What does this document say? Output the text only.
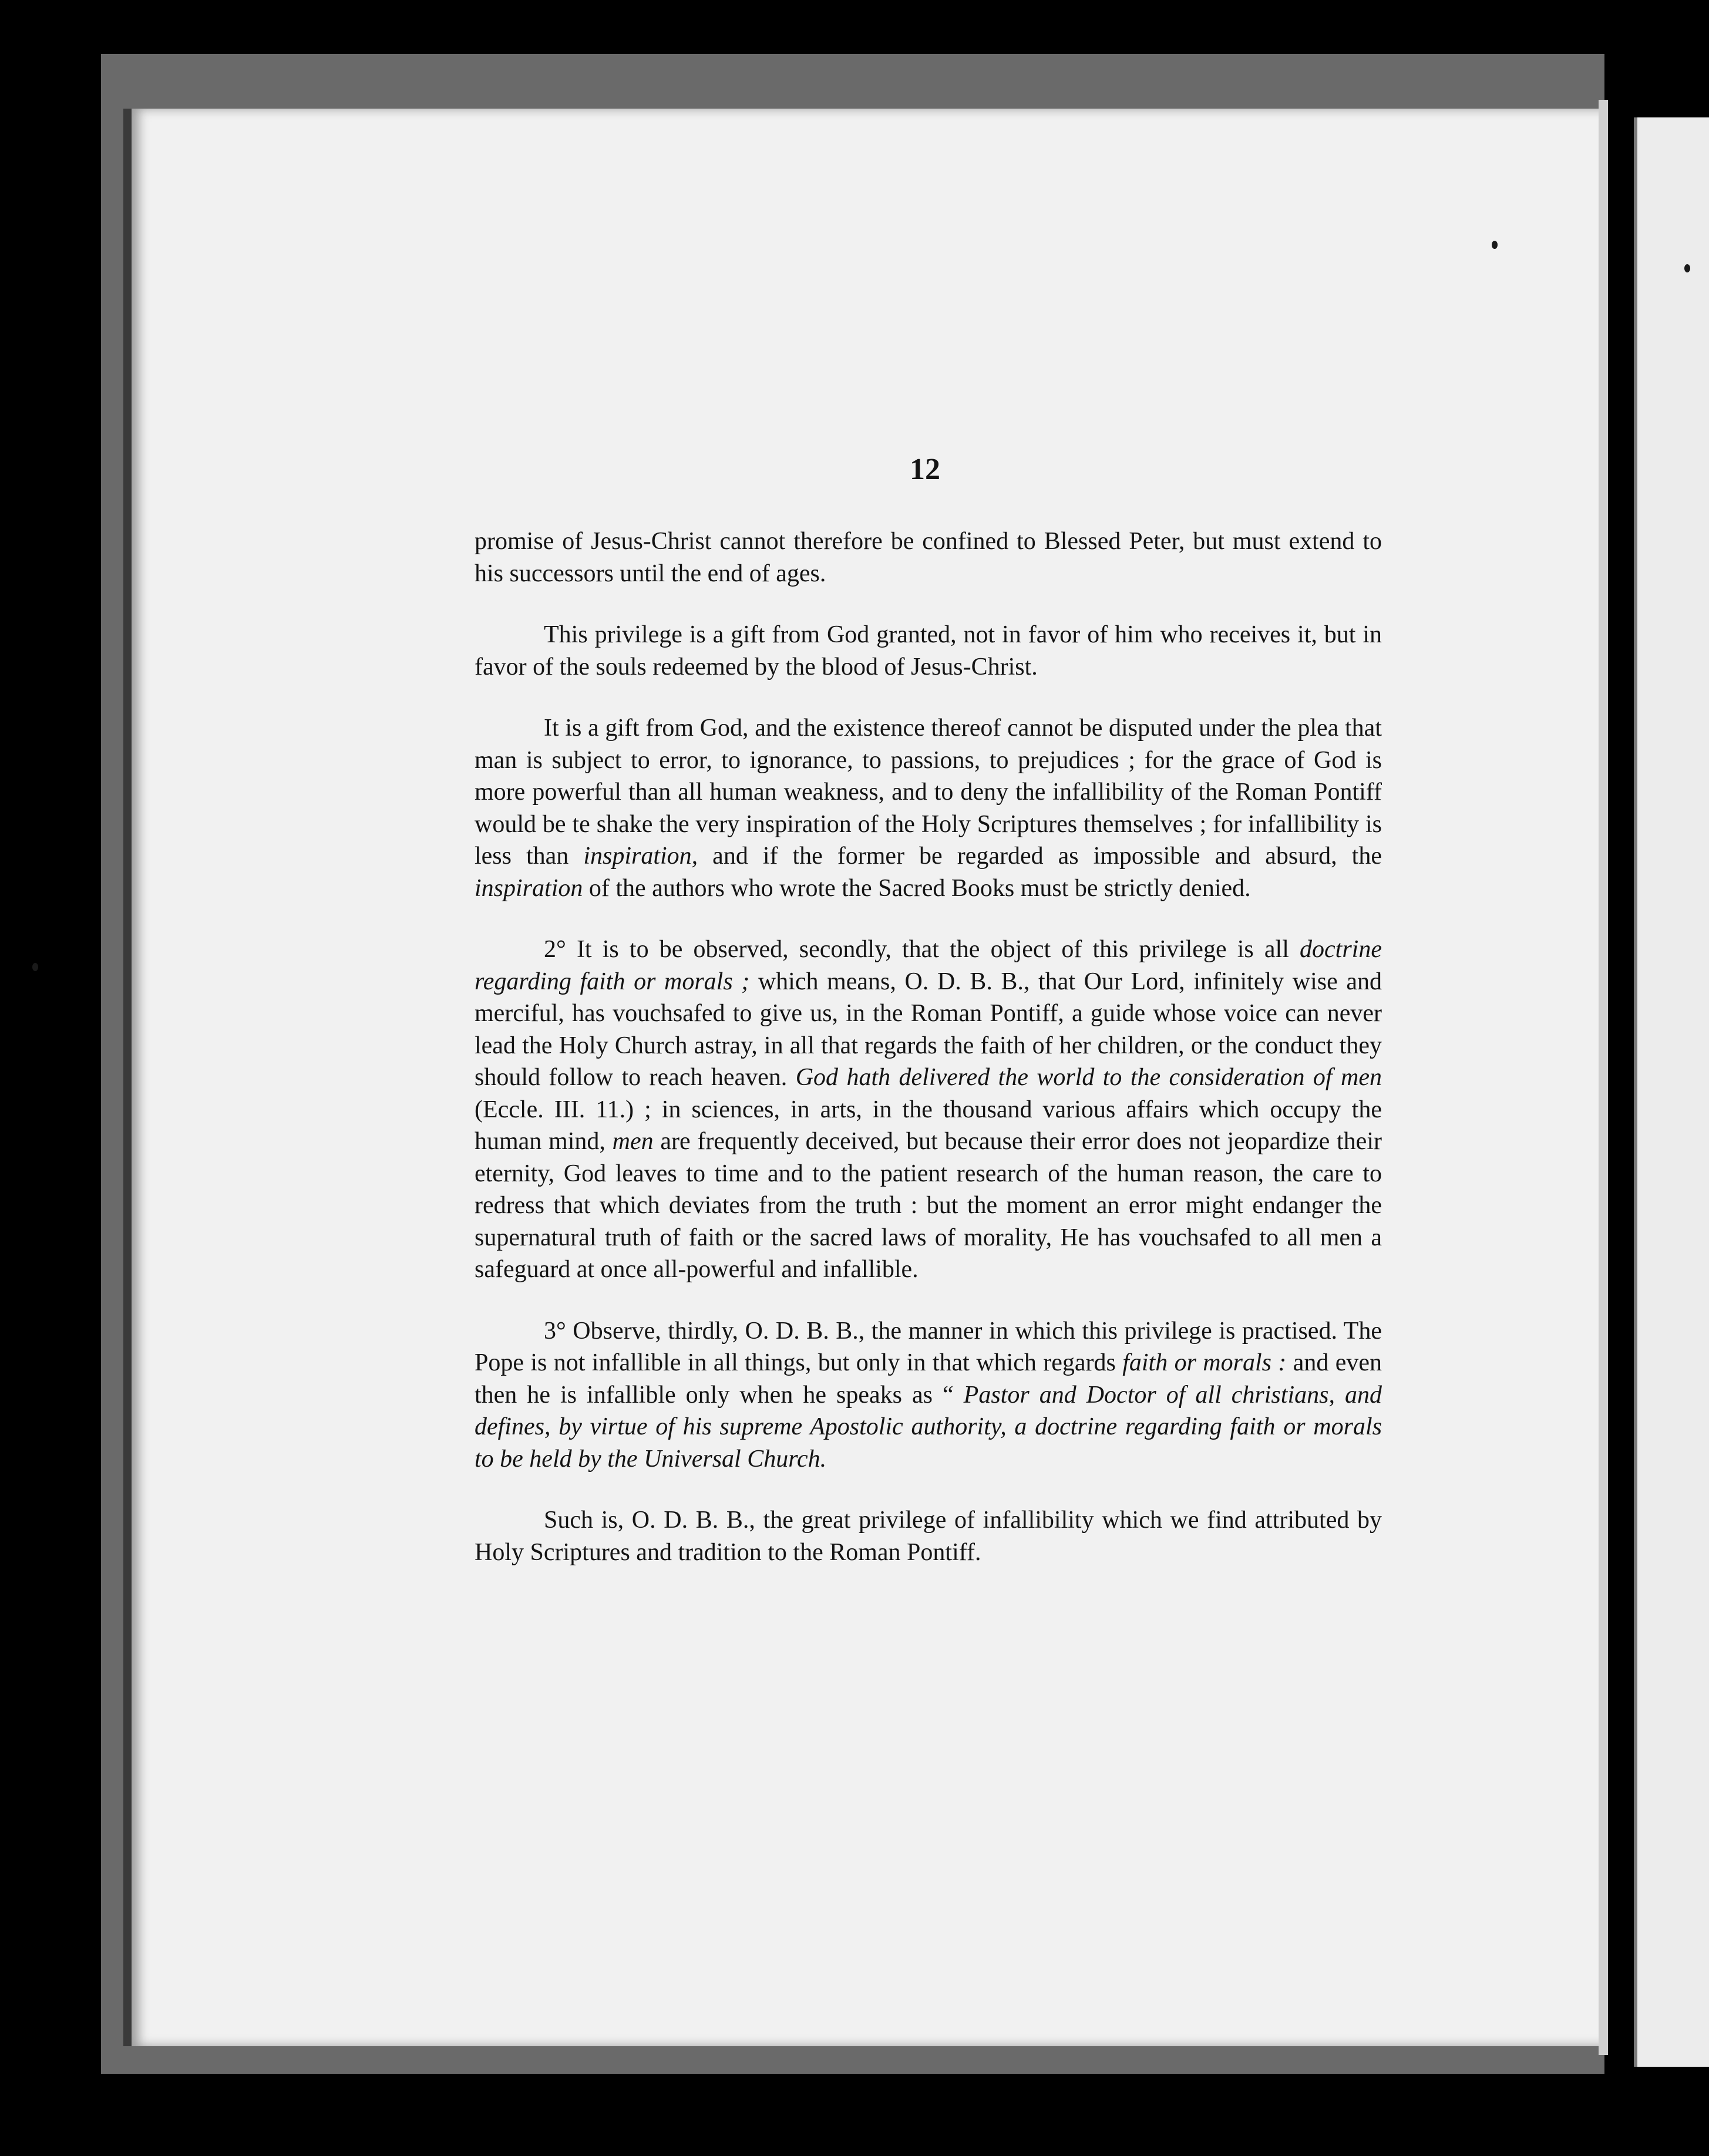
12

promise of Jesus-Christ cannot therefore be confined to Blessed Peter, but must extend to his successors until the end of ages.

This privilege is a gift from God granted, not in favor of him who receives it, but in favor of the souls redeemed by the blood of Jesus-Christ.

It is a gift from God, and the existence thereof cannot be disputed under the plea that man is subject to error, to ignorance, to passions, to prejudices ; for the grace of God is more powerful than all human weakness, and to deny the infallibility of the Roman Pontiff would be te shake the very inspiration of the Holy Scriptures themselves ; for infallibility is less than inspiration, and if the former be regarded as impossible and absurd, the inspiration of the authors who wrote the Sacred Books must be strictly denied.

2° It is to be observed, secondly, that the object of this privilege is all doctrine regarding faith or morals ; which means, O. D. B. B., that Our Lord, infinitely wise and merciful, has vouchsafed to give us, in the Roman Pontiff, a guide whose voice can never lead the Holy Church astray, in all that regards the faith of her children, or the conduct they should follow to reach heaven. God hath delivered the world to the consideration of men (Eccle. III. 11.) ; in sciences, in arts, in the thousand various affairs which occupy the human mind, men are frequently deceived, but because their error does not jeopardize their eternity, God leaves to time and to the patient research of the human reason, the care to redress that which deviates from the truth : but the moment an error might endanger the supernatural truth of faith or the sacred laws of morality, He has vouchsafed to all men a safeguard at once all-powerful and infallible.

3° Observe, thirdly, O. D. B. B., the manner in which this privilege is practised. The Pope is not infallible in all things, but only in that which regards faith or morals : and even then he is infallible only when he speaks as “ Pastor and Doctor of all christians, and defines, by virtue of his supreme Apostolic authority, a doctrine regarding faith or morals to be held by the Universal Church.

Such is, O. D. B. B., the great privilege of infallibility which we find attributed by Holy Scriptures and tradition to the Roman Pontiff.
